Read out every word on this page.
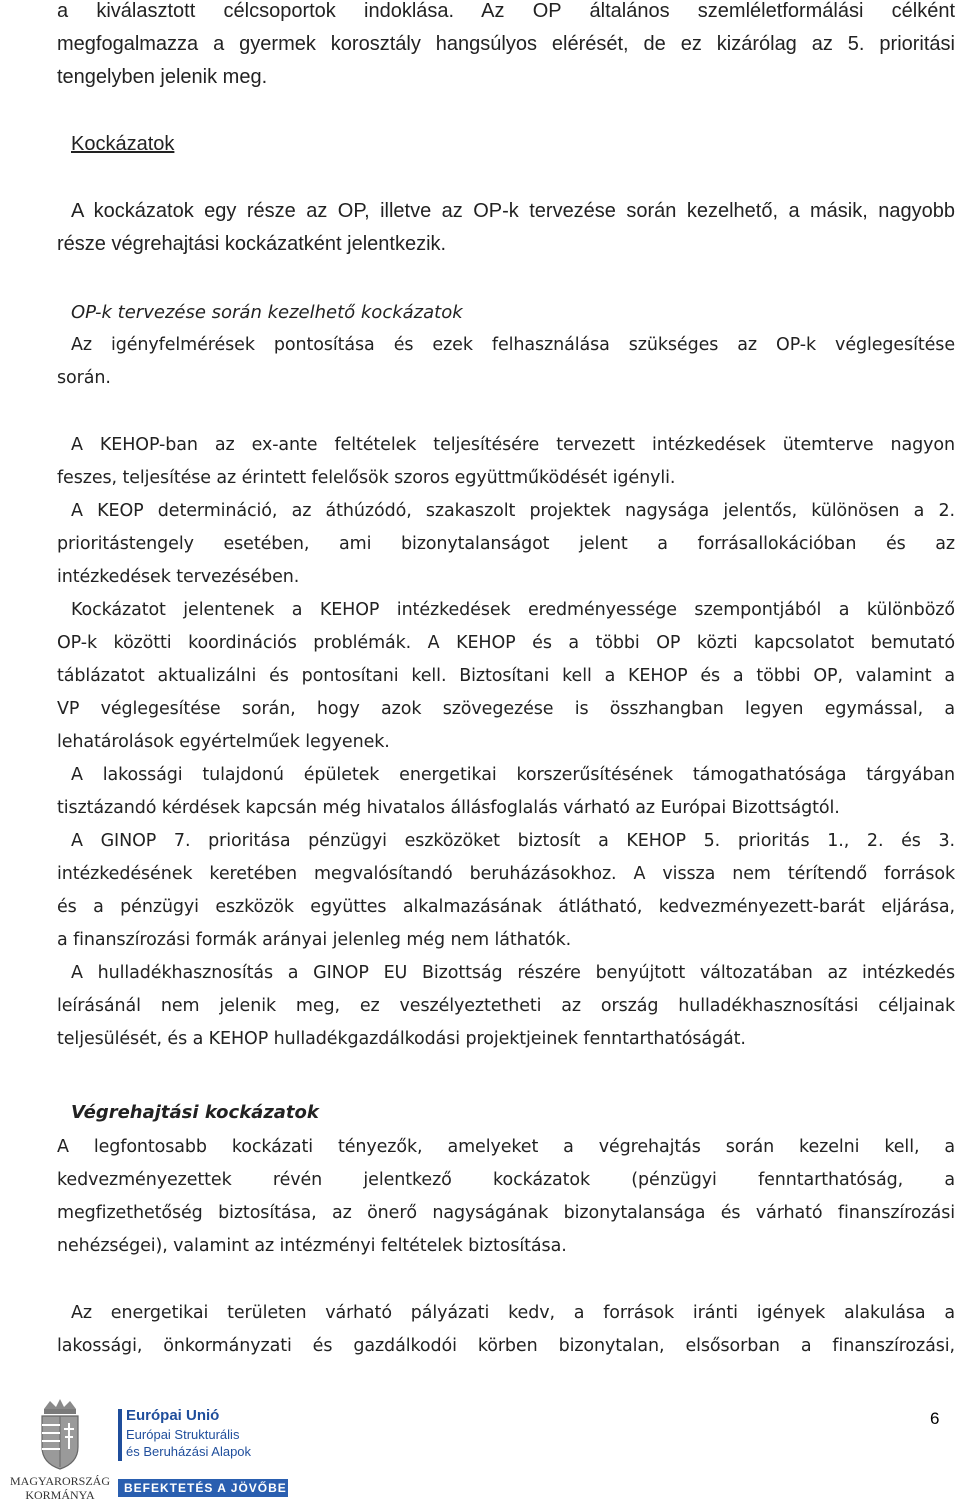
a kiválasztott célcsoportok indoklása. Az OP általános szemléletformálási célként
megfogalmazza a gyermek korosztály hangsúlyos elérését, de ez kizárólag az 5. prioritási
tengelyben jelenik meg.

Kockázatok

A kockázatok egy része az OP, illetve az OP-k tervezése során kezelhető, a másik, nagyobb
része végrehajtási kockázatként jelentkezik.

OP-k tervezése során kezelhető kockázatok

Az igényfelmérések pontosítása és ezek felhasználása szükséges az OP-k véglegesítése
során.
A KEHOP-ban az ex-ante feltételek teljesítésére tervezett intézkedések ütemterve nagyon
feszes, teljesítése az érintett felelősök szoros együttműködését igényli.
A KEOP determináció, az áthúzódó, szakaszolt projektek nagysága jelentős, különösen a 2.
prioritástengely esetében, ami bizonytalanságot jelent a forrásallokációban és az
intézkedések tervezésében.
Kockázatot jelentenek a KEHOP intézkedések eredményessége szempontjából a különböző
OP-k közötti koordinációs problémák. A KEHOP és a többi OP közti kapcsolatot bemutató
táblázatot aktualizálni és pontosítani kell. Biztosítani kell a KEHOP és a többi OP, valamint a
VP véglegesítése során, hogy azok szövegezése is összhangban legyen egymással, a
lehatárolások egyértelműek legyenek.
A lakossági tulajdonú épületek energetikai korszerűsítésének támogathatósága tárgyában
tisztázandó kérdések kapcsán még hivatalos állásfoglalás várható az Európai Bizottságtól.
A GINOP 7. prioritása pénzügyi eszközöket biztosít a KEHOP 5. prioritás 1., 2. és 3.
intézkedésének keretében megvalósítandó beruházásokhoz. A vissza nem térítendő források
és a pénzügyi eszközök együttes alkalmazásának átlátható, kedvezményezett-barát eljárása,
a finanszírozási formák arányai jelenleg még nem láthatók.
A hulladékhasznosítás a GINOP EU Bizottság részére benyújtott változatában az intézkedés
leírásánál nem jelenik meg, ez veszélyeztetheti az ország hulladékhasznosítási céljainak
teljesülését, és a KEHOP hulladékgazdálkodási projektjeinek fenntarthatóságát.

Végrehajtási kockázatok

A legfontosabb kockázati tényezők, amelyeket a végrehajtás során kezelni kell, a
kedvezményezettek révén jelentkező kockázatok (pénzügyi fenntarthatóság, a
megfizethetőség biztosítása, az önerő nagyságának bizonytalansága és várható finanszírozási
nehézségei), valamint az intézményi feltételek biztosítása.
Az energetikai területen várható pályázati kedv, a források iránti igények alakulása a
lakossági, önkormányzati és gazdálkodói körben bizonytalan, elsősorban a finanszírozási,
MAGYARORSZÁG
KORMÁNYA
Európai Unió
Európai Strukturális
és Beruházási Alapok
BEFEKTETÉS A JÖVŐBE
6
